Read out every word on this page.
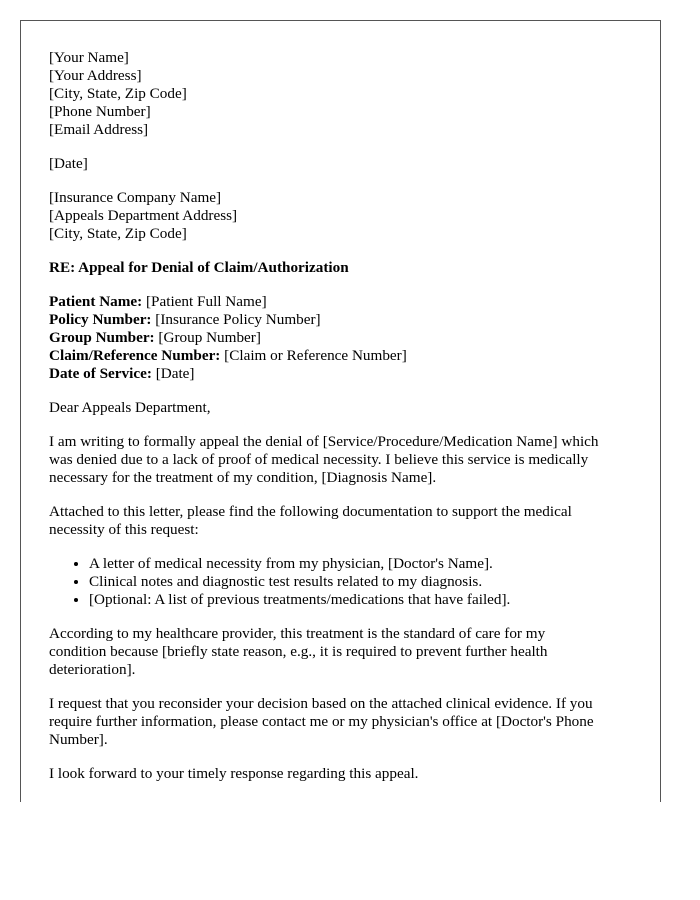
[Your Name]
[Your Address]
[City, State, Zip Code]
[Phone Number]
[Email Address]
[Date]
[Insurance Company Name]
[Appeals Department Address]
[City, State, Zip Code]
RE: Appeal for Denial of Claim/Authorization
Patient Name: [Patient Full Name]
Policy Number: [Insurance Policy Number]
Group Number: [Group Number]
Claim/Reference Number: [Claim or Reference Number]
Date of Service: [Date]
Dear Appeals Department,
I am writing to formally appeal the denial of [Service/Procedure/Medication Name] which
was denied due to a lack of proof of medical necessity. I believe this service is medically
necessary for the treatment of my condition, [Diagnosis Name].
Attached to this letter, please find the following documentation to support the medical
necessity of this request:
• A letter of medical necessity from my physician, [Doctor's Name].
• Clinical notes and diagnostic test results related to my diagnosis.
• [Optional: A list of previous treatments/medications that have failed].
According to my healthcare provider, this treatment is the standard of care for my
condition because [briefly state reason, e.g., it is required to prevent further health
deterioration].
I request that you reconsider your decision based on the attached clinical evidence. If you
require further information, please contact me or my physician's office at [Doctor's Phone
Number].
I look forward to your timely response regarding this appeal.
